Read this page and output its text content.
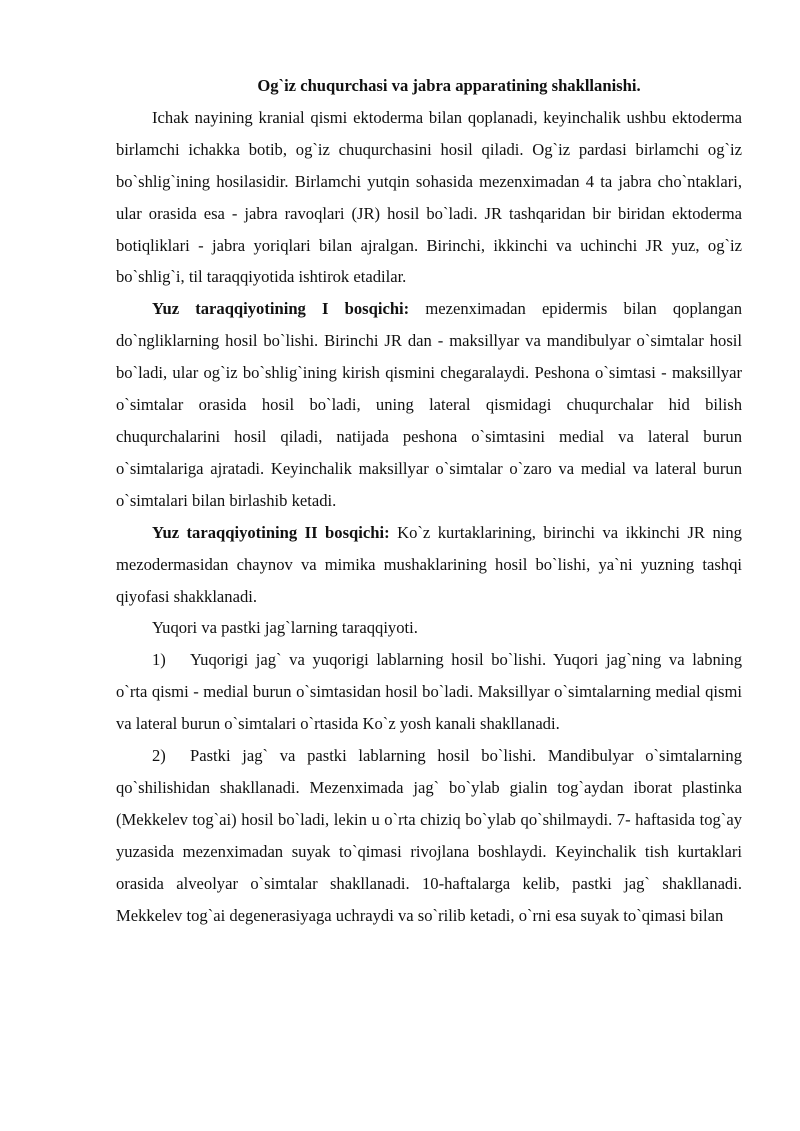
Og`iz chuqurchasi va jabra apparatining shakllanishi.

Ichak nayining kranial qismi ektoderma bilan qoplanadi, keyinchalik ushbu ektoderma birlamchi ichakka botib, og`iz chuqurchasini hosil qiladi. Og`iz pardasi birlamchi og`iz bo`shlig`ining hosilasidir. Birlamchi yutqin sohasida mezenximadan 4 ta jabra cho`ntaklari, ular orasida esa - jabra ravoqlari (JR) hosil bo`ladi. JR tashqaridan bir biridan ektoderma botiqliklari - jabra yoriqlari bilan ajralgan. Birinchi, ikkinchi va uchinchi JR yuz, og`iz bo`shlig`i, til taraqqiyotida ishtirok etadilar.

Yuz taraqqiyotining I bosqichi: mezenximadan epidermis bilan qoplangan do`ngliklarning hosil bo`lishi. Birinchi JR dan - maksillyar va mandibulyar o`simtalar hosil bo`ladi, ular og`iz bo`shlig`ining kirish qismini chegaralaydi. Peshona o`simtasi - maksillyar o`simtalar orasida hosil bo`ladi, uning lateral qismidagi chuqurchalar hid bilish chuqurchalarini hosil qiladi, natijada peshona o`simtasini medial va lateral burun o`simtalariga ajratadi. Keyinchalik maksillyar o`simtalar o`zaro va medial va lateral burun o`simtalari bilan birlashib ketadi.

Yuz taraqqiyotining II bosqichi: Ko`z kurtaklarining, birinchi va ikkinchi JR ning mezodermasidan chaynov va mimika mushaklarining hosil bo`lishi, ya`ni yuzning tashqi qiyofasi shakklanadi.

Yuqori va pastki jag`larning taraqqiyoti.

1) Yuqorigi jag` va yuqorigi lablarning hosil bo`lishi. Yuqori jag`ning va labning o`rta qismi - medial burun o`simtasidan hosil bo`ladi. Maksillyar o`simtalarning medial qismi va lateral burun o`simtalari o`rtasida Ko`z yosh kanali shakllanadi.

2) Pastki jag` va pastki lablarning hosil bo`lishi. Mandibulyar o`simtalarning qo`shilishidan shakllanadi. Mezenximada jag` bo`ylab gialin tog`aydan iborat plastinka (Mekkelev tog`ai) hosil bo`ladi, lekin u o`rta chiziq bo`ylab qo`shilmaydi. 7- haftasida tog`ay yuzasida mezenximadan suyak to`qimasi rivojlana boshlaydi. Keyinchalik tish kurtaklari orasida alveolyar o`simtalar shakllanadi. 10-haftalarga kelib, pastki jag` shakllanadi. Mekkelev tog`ai degenerasiyaga uchraydi va so`rilib ketadi, o`rni esa suyak to`qimasi bilan
